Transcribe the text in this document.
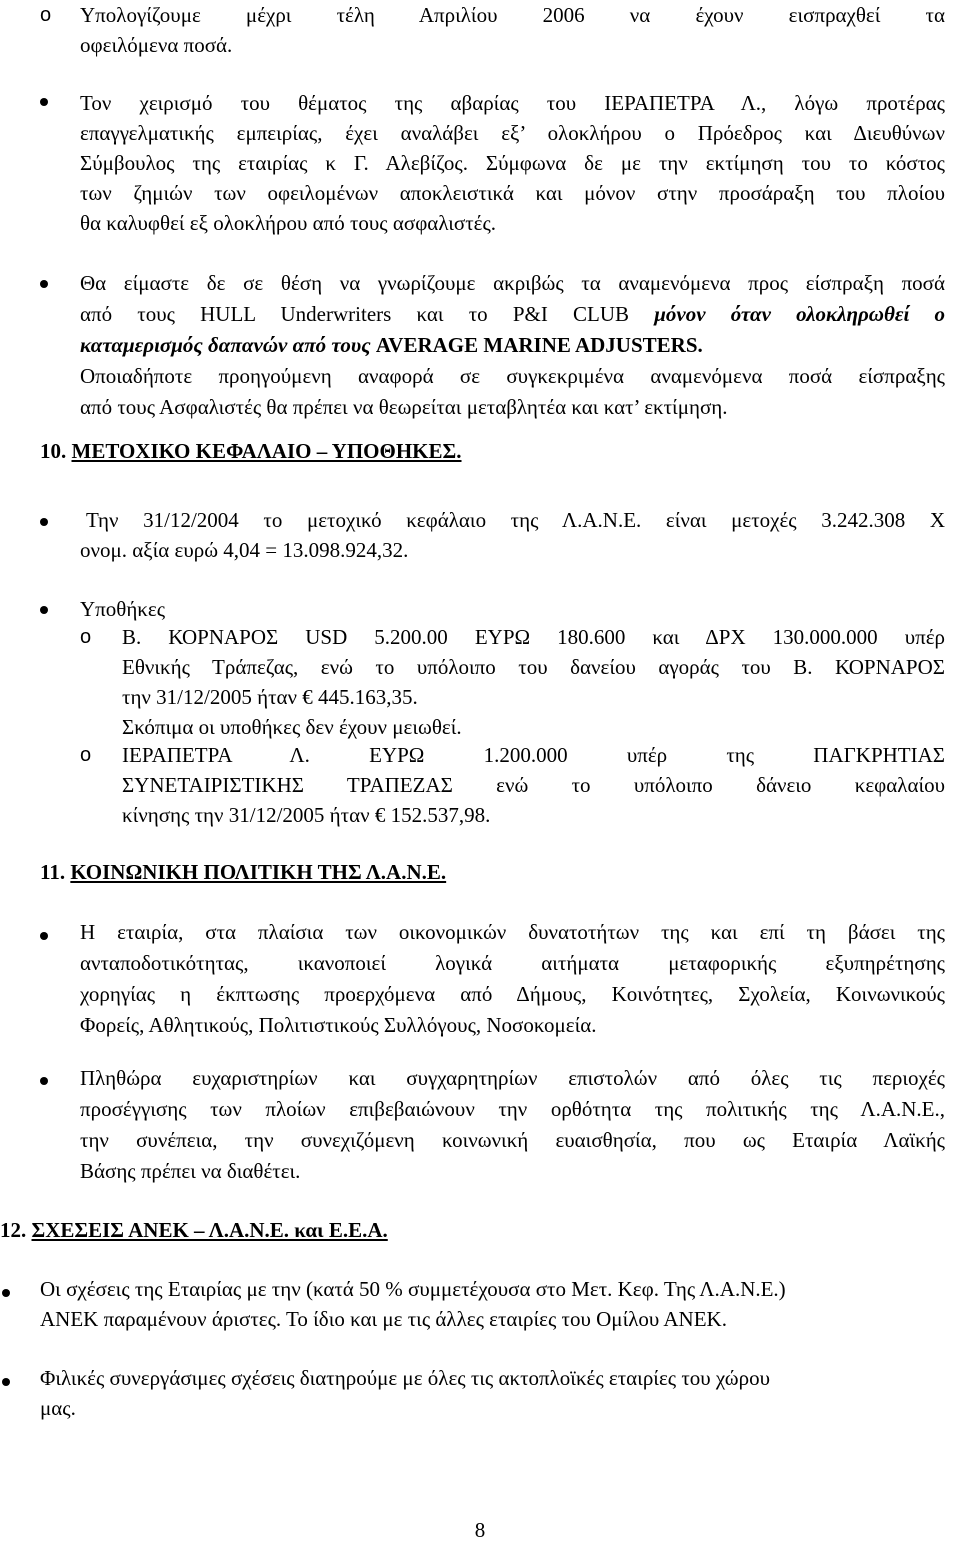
o Υπολογίζουμε μέχρι τέλη Απριλίου 2006 να έχουν εισπραχθεί τα
οφειλόμενα ποσά.
Τον χειρισμό του θέματος της αβαρίας του ΙΕΡΑΠΕΤΡΑ Λ., λόγω προτέρας
επαγγελματικής εμπειρίας, έχει αναλάβει εξ’ ολοκλήρου ο Πρόεδρος και Διευθύνων
Σύμβουλος της εταιρίας κ Γ. Αλεβίζος. Σύμφωνα δε με την εκτίμηση του το κόστος
των ζημιών των οφειλομένων αποκλειστικά και μόνον στην προσάραξη του πλοίου
θα καλυφθεί εξ ολοκλήρου από τους ασφαλιστές.
Θα είμαστε δε σε θέση να γνωρίζουμε ακριβώς τα αναμενόμενα προς είσπραξη ποσά
από τους HULL Underwriters και το P&I CLUB μόνον όταν ολοκληρωθεί ο
καταμερισμός δαπανών από τους AVERAGE MARINE ADJUSTERS.
Οποιαδήποτε προηγούμενη αναφορά σε συγκεκριμένα αναμενόμενα ποσά είσπραξης
από τους Ασφαλιστές θα πρέπει να θεωρείται μεταβλητέα και κατ’ εκτίμηση.
10. ΜΕΤΟΧΙΚΟ ΚΕΦΑΛΑΙΟ – ΥΠΟΘΗΚΕΣ.
Την 31/12/2004 το μετοχικό κεφάλαιο της Λ.Α.Ν.Ε. είναι μετοχές 3.242.308 Χ
ονομ. αξία ευρώ 4,04 = 13.098.924,32.
Υποθήκες
o Β. ΚΟΡΝΑΡΟΣ USD 5.200.00 ΕΥΡΩ 180.600 και ΔΡΧ 130.000.000 υπέρ
Εθνικής Τράπεζας, ενώ το υπόλοιπο του δανείου αγοράς του Β. ΚΟΡΝΑΡΟΣ
την 31/12/2005 ήταν € 445.163,35.
Σκόπιμα οι υποθήκες δεν έχουν μειωθεί.
o ΙΕΡΑΠΕΤΡΑ Λ. ΕΥΡΩ 1.200.000 υπέρ της ΠΑΓΚΡΗΤΙΑΣ
ΣΥΝΕΤΑΙΡΙΣΤΙΚΗΣ ΤΡΑΠΕΖΑΣ ενώ το υπόλοιπο δάνειο κεφαλαίου
κίνησης την 31/12/2005 ήταν € 152.537,98.
11. ΚΟΙΝΩΝΙΚΗ ΠΟΛΙΤΙΚΗ ΤΗΣ Λ.Α.Ν.Ε.
Η εταιρία, στα πλαίσια των οικονομικών δυνατοτήτων της και επί τη βάσει της
ανταποδοτικότητας, ικανοποιεί λογικά αιτήματα μεταφορικής εξυπηρέτησης
χορηγίας η έκπτωσης προερχόμενα από Δήμους, Κοινότητες, Σχολεία, Κοινωνικούς
Φορείς, Αθλητικούς, Πολιτιστικούς Συλλόγους, Νοσοκομεία.
Πληθώρα ευχαριστηρίων και συγχαρητηρίων επιστολών από όλες τις περιοχές
προσέγγισης των πλοίων επιβεβαιώνουν την ορθότητα της πολιτικής της Λ.Α.Ν.Ε.,
την συνέπεια, την συνεχιζόμενη κοινωνική ευαισθησία, που ως Εταιρία Λαϊκής
Βάσης πρέπει να διαθέτει.
12. ΣΧΕΣΕΙΣ ΑΝΕΚ – Λ.Α.Ν.Ε. και Ε.Ε.Α.
Οι σχέσεις της Εταιρίας με την (κατά 50 % συμμετέχουσα στο Μετ. Κεφ. Της Λ.Α.Ν.Ε.)
ΑΝΕΚ παραμένουν άριστες. Το ίδιο και με τις άλλες εταιρίες του Ομίλου ΑΝΕΚ.
Φιλικές συνεργάσιμες σχέσεις διατηρούμε με όλες τις ακτοπλοϊκές εταιρίες του χώρου
μας.
8
